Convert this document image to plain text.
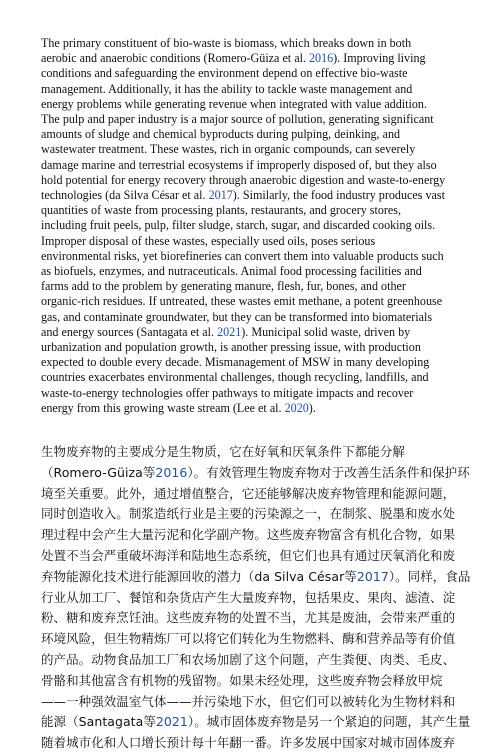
The primary constituent of bio-waste is biomass, which breaks down in both
aerobic and anaerobic conditions (Romero-Güiza et al. 2016). Improving living
conditions and safeguarding the environment depend on effective bio-waste
management. Additionally, it has the ability to tackle waste management and
energy problems while generating revenue when integrated with value addition.
The pulp and paper industry is a major source of pollution, generating significant
amounts of sludge and chemical byproducts during pulping, deinking, and
wastewater treatment. These wastes, rich in organic compounds, can severely
damage marine and terrestrial ecosystems if improperly disposed of, but they also
hold potential for energy recovery through anaerobic digestion and waste-to-energy
technologies (da Silva César et al. 2017). Similarly, the food industry produces vast
quantities of waste from processing plants, restaurants, and grocery stores,
including fruit peels, pulp, filter sludge, starch, sugar, and discarded cooking oils.
Improper disposal of these wastes, especially used oils, poses serious
environmental risks, yet biorefineries can convert them into valuable products such
as biofuels, enzymes, and nutraceuticals. Animal food processing facilities and
farms add to the problem by generating manure, flesh, fur, bones, and other
organic-rich residues. If untreated, these wastes emit methane, a potent greenhouse
gas, and contaminate groundwater, but they can be transformed into biomaterials
and energy sources (Santagata et al. 2021). Municipal solid waste, driven by
urbanization and population growth, is another pressing issue, with production
expected to double every decade. Mismanagement of MSW in many developing
countries exacerbates environmental challenges, though recycling, landfills, and
waste-to-energy technologies offer pathways to mitigate impacts and recover
energy from this growing waste stream (Lee et al. 2020).

生物废弃物的主要成分是生物质，它在好氧和厌氧条件下都能分解
（Romero-Güiza等2016）。有效管理生物废弃物对于改善生活条件和保护环
境至关重要。此外，通过增值整合，它还能够解决废弃物管理和能源问题，
同时创造收入。制浆造纸行业是主要的污染源之一，在制浆、脱墨和废水处
理过程中会产生大量污泥和化学副产物。这些废弃物富含有机化合物，如果
处置不当会严重破坏海洋和陆地生态系统，但它们也具有通过厌氧消化和废
弃物能源化技术进行能源回收的潜力（da Silva César等2017）。同样，食品
行业从加工厂、餐馆和杂货店产生大量废弃物，包括果皮、果肉、滤渣、淀
粉、糖和废弃烹饪油。这些废弃物的处置不当，尤其是废油，会带来严重的
环境风险，但生物精炼厂可以将它们转化为生物燃料、酶和营养品等有价值
的产品。动物食品加工厂和农场加剧了这个问题，产生粪便、肉类、毛皮、
骨骼和其他富含有机物的残留物。如果未经处理，这些废弃物会释放甲烷
——一种强效温室气体——并污染地下水，但它们可以被转化为生物材料和
能源（Santagata等2021）。城市固体废弃物是另一个紧迫的问题，其产生量
随着城市化和人口增长预计每十年翻一番。许多发展中国家对城市固体废弃
